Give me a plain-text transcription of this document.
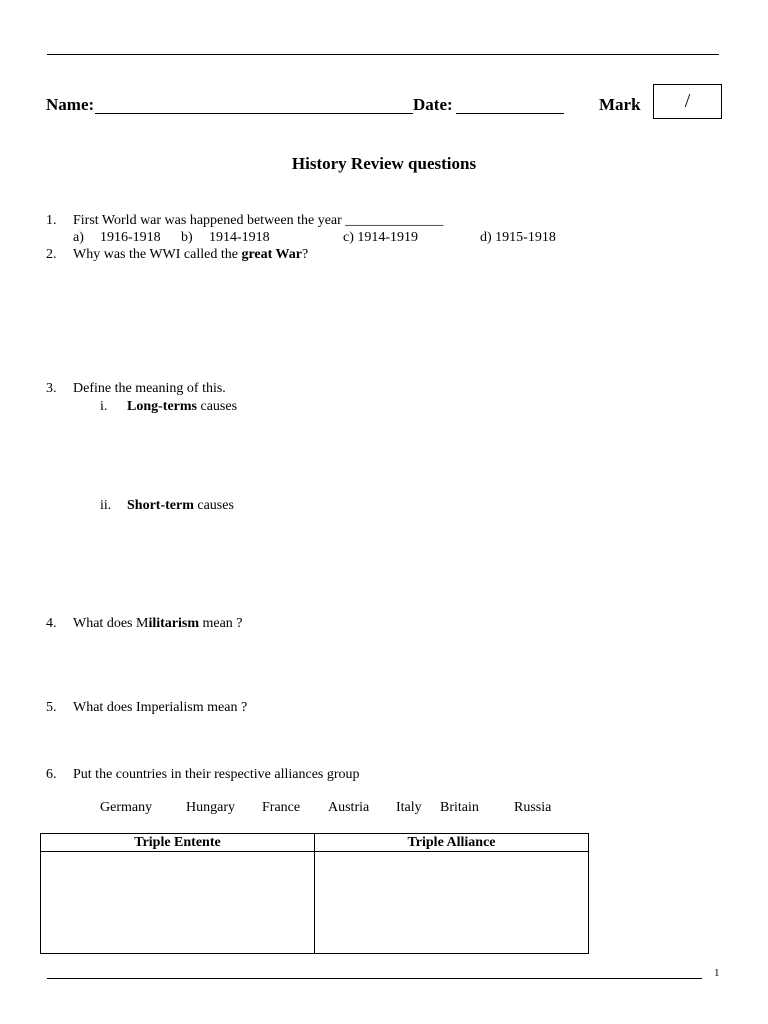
Name:	Date:	Mark /
History Review questions
1. First World war was happened between the year ______________
a) 1916-1918 b) 1914-1918	c) 1914-1919	d) 1915-1918
2. Why was the WWI called the great War?
3. Define the meaning of this.
i. Long-terms causes
ii. Short-term causes
4. What does Militarism mean ?
5. What does Imperialism mean ?
6. Put the countries in their respective alliances group
Germany Hungary France Austria Italy Britain	Russia
Triple Entente	Triple Alliance

1
